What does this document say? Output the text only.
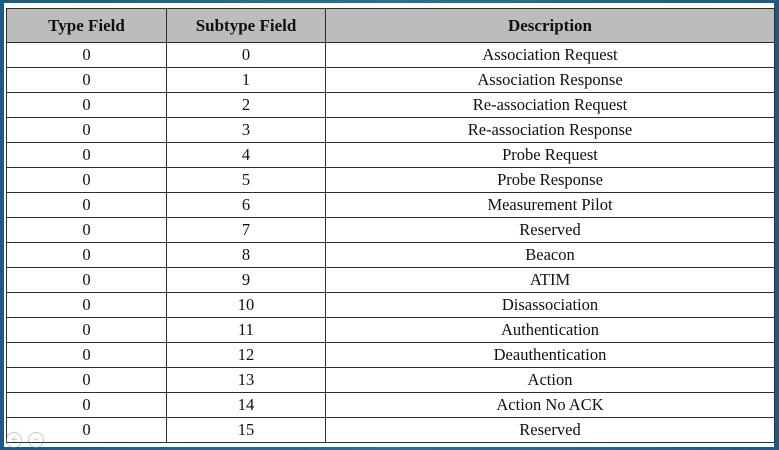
Type Field	Subtype Field	Description
0	0	Association Request
0	1	Association Response
0	2	Re-association Request
0	3	Re-association Response
0	4	Probe Request
0	5	Probe Response
0	6	Measurement Pilot
0	7	Reserved
0	8	Beacon
0	9	ATIM
0	10	Disassociation
0	11	Authentication
0	12	Deauthentication
0	13	Action
0	14	Action No ACK
0	15	Reserved
+	−
